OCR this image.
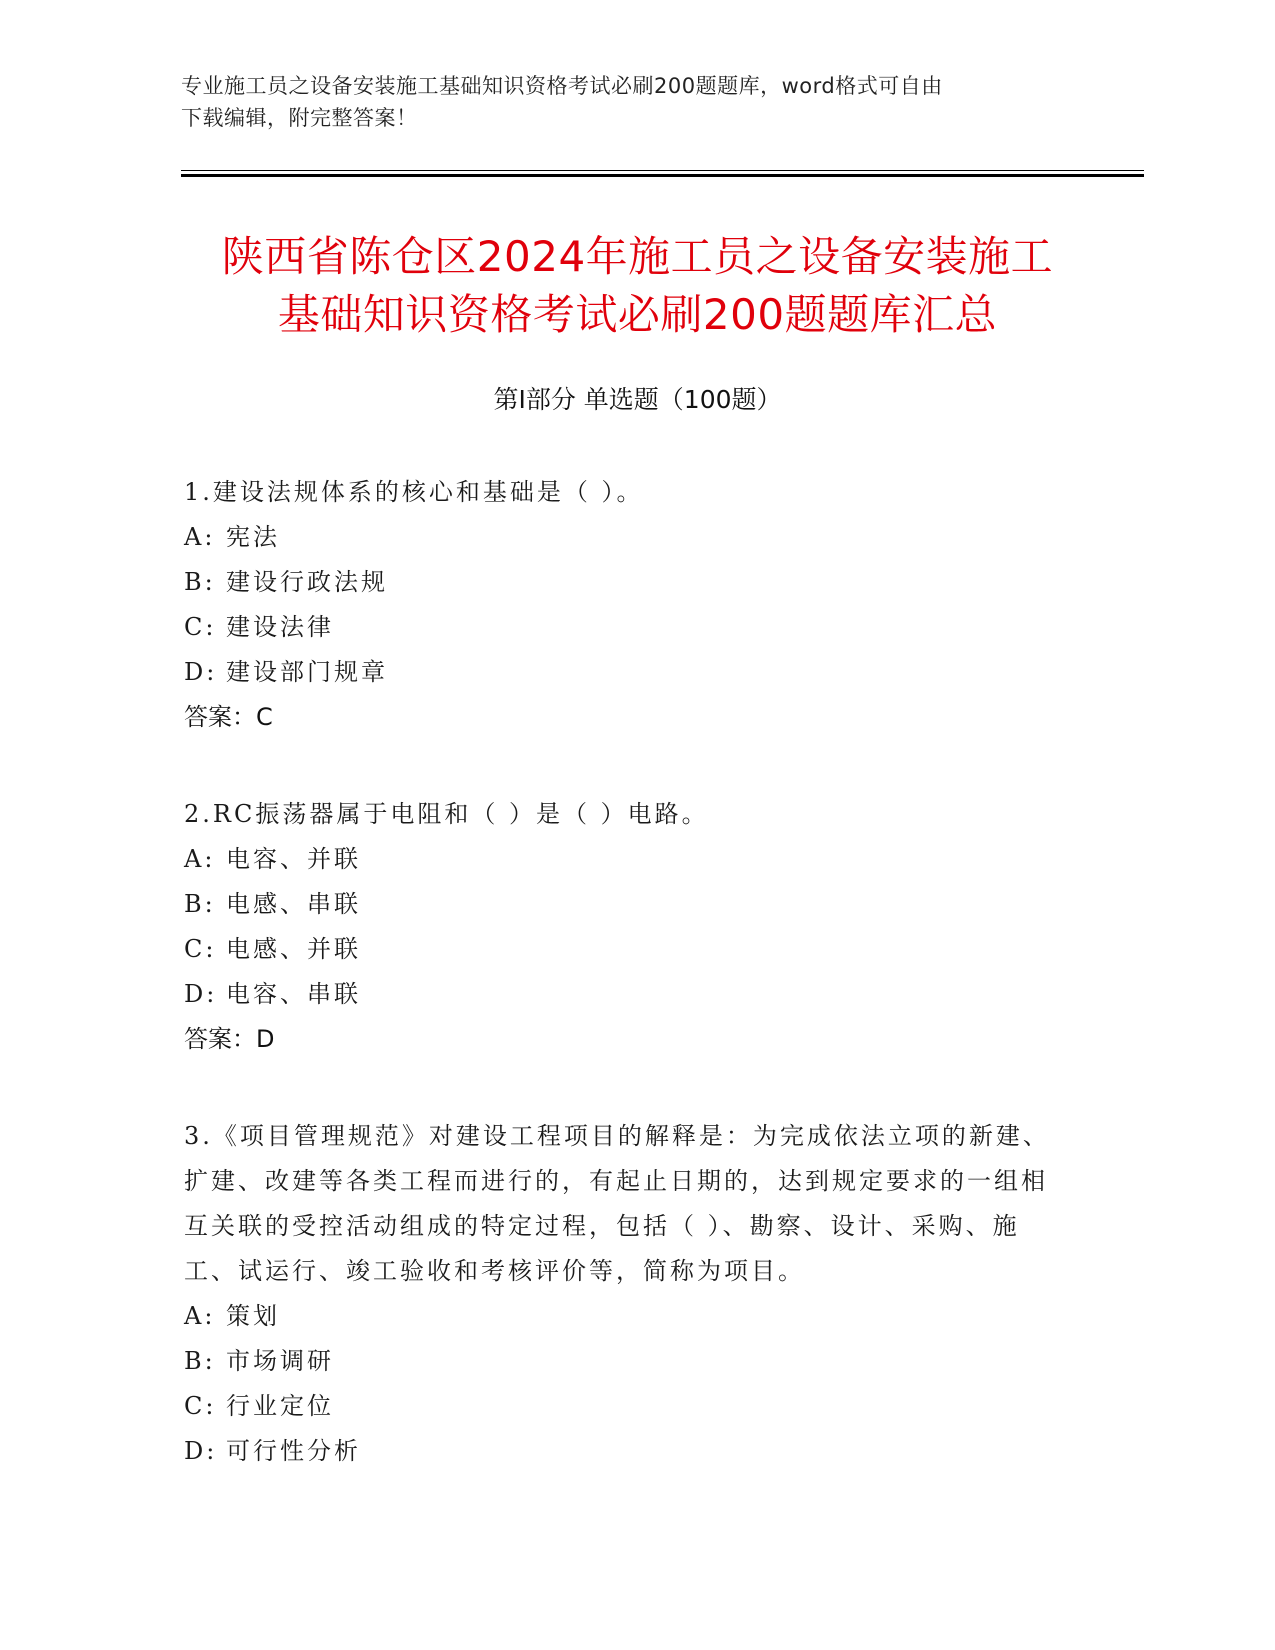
专业施工员之设备安装施工基础知识资格考试必刷200题题库，word格式可自由
下载编辑，附完整答案！
陕西省陈仓区2024年施工员之设备安装施工
基础知识资格考试必刷200题题库汇总
第Ⅰ部分 单选题（100题）
1.建设法规体系的核心和基础是（ ）。
A: 宪法
B: 建设行政法规
C: 建设法律
D: 建设部门规章
答案：C
2.RC振荡器属于电阻和（ ）是（ ）电路。
A: 电容、并联
B: 电感、串联
C: 电感、并联
D: 电容、串联
答案：D
3.《项目管理规范》对建设工程项目的解释是：为完成依法立项的新建、扩建、改建等各类工程而进行的，有起止日期的，达到规定要求的一组相互关联的受控活动组成的特定过程，包括（ ）、勘察、设计、采购、施工、试运行、竣工验收和考核评价等，简称为项目。
A: 策划
B: 市场调研
C: 行业定位
D: 可行性分析
